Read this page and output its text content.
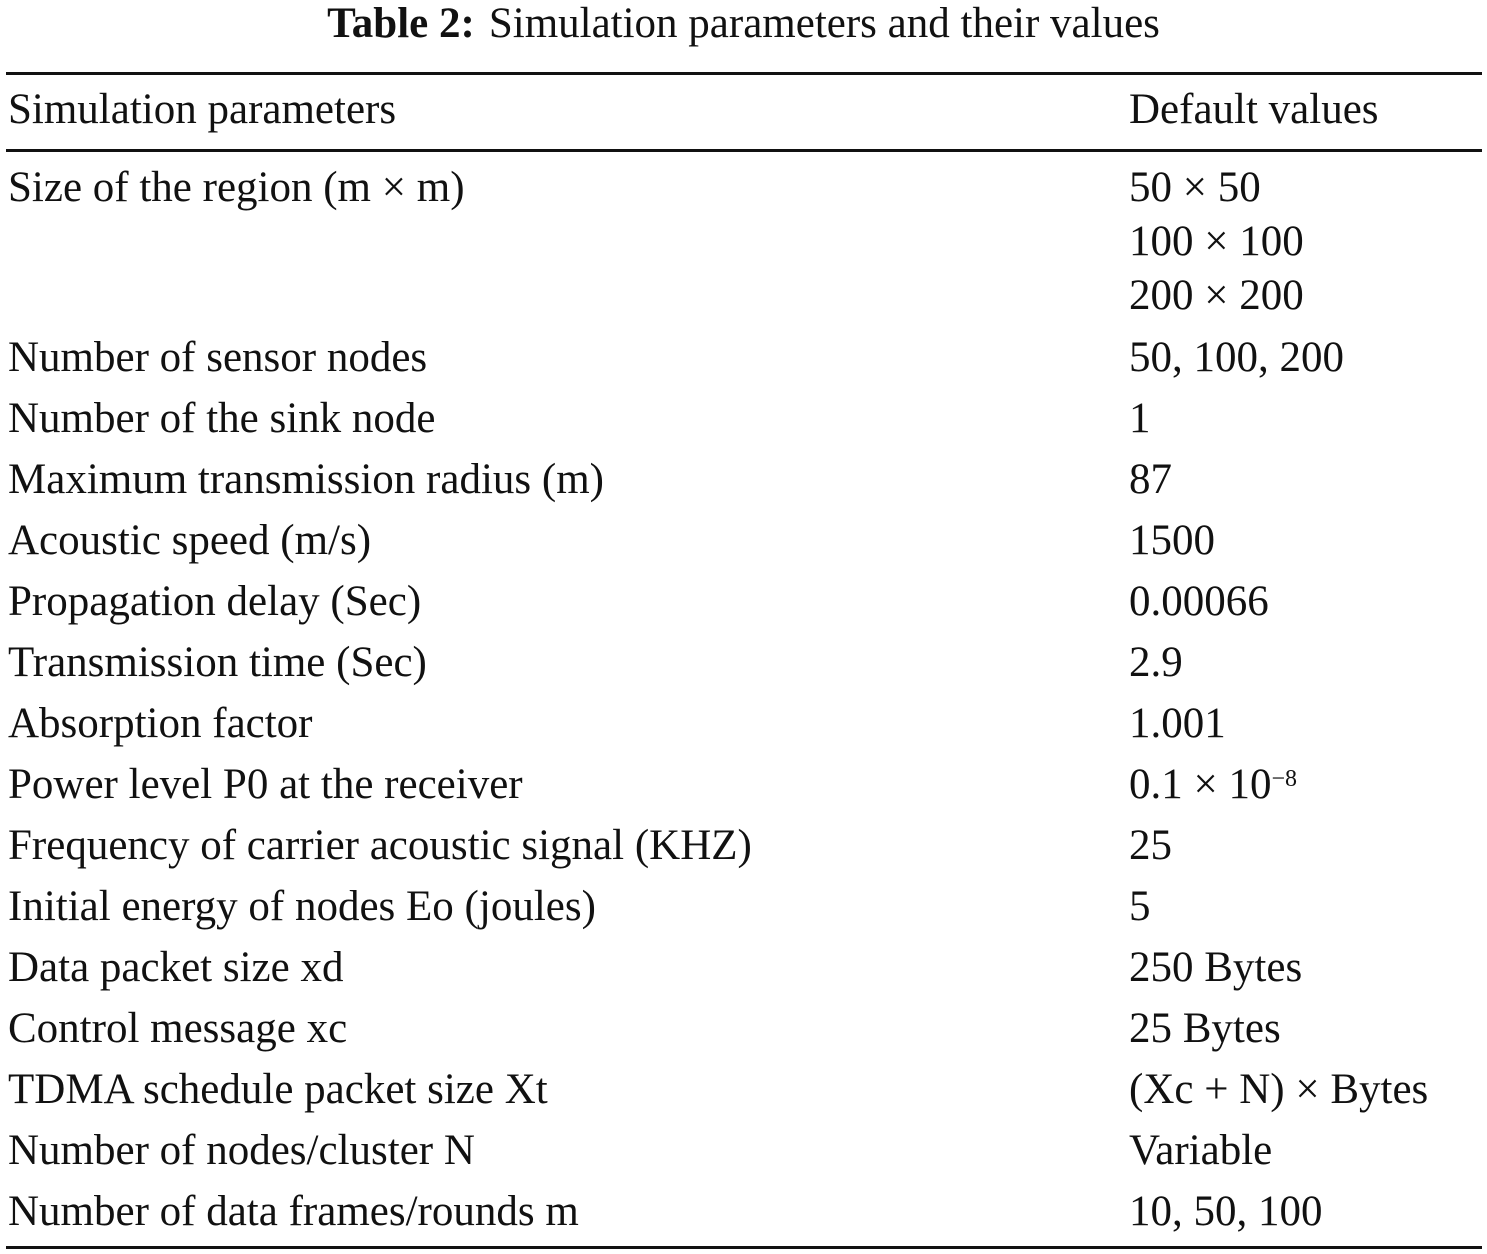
Table 2: Simulation parameters and their values
Simulation parameters	Default values
Size of the region (m × m)	50 × 50
100 × 100
200 × 200
Number of sensor nodes	50, 100, 200
Number of the sink node	1
Maximum transmission radius (m)	87
Acoustic speed (m/s)	1500
Propagation delay (Sec)	0.00066
Transmission time (Sec)	2.9
Absorption factor	1.001
Power level P0 at the receiver	$0.1 \times 10^{-8}$
Frequency of carrier acoustic signal (KHZ)	25
Initial energy of nodes Eo (joules)	5
Data packet size xd	250 Bytes
Control message xc	25 Bytes
TDMA schedule packet size Xt	(Xc + N) × Bytes
Number of nodes/cluster N	Variable
Number of data frames/rounds m	10, 50, 100
